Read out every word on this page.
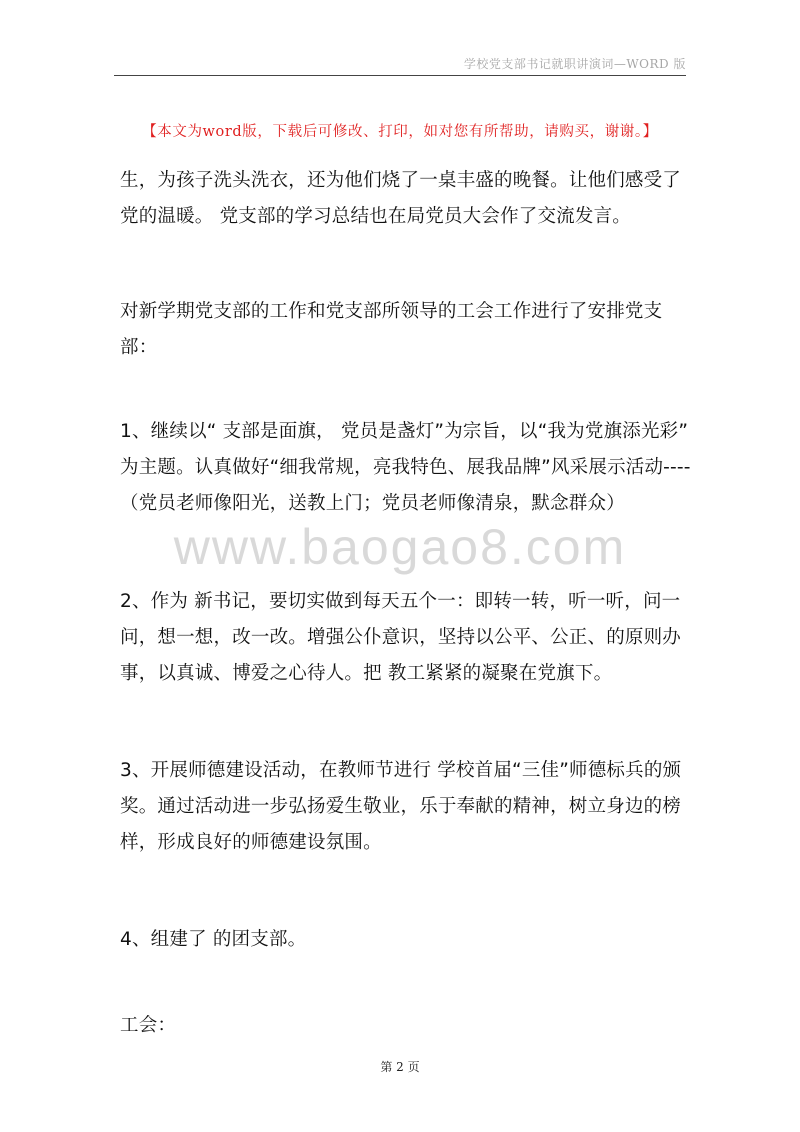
学校党支部书记就职讲演词—WORD 版
【本文为word版，下载后可修改、打印，如对您有所帮助，请购买，谢谢。】
www.baogao8.com
生，为孩子洗头洗衣，还为他们烧了一桌丰盛的晚餐。让他们感受了
党的温暖。 党支部的学习总结也在局党员大会作了交流发言。
对新学期党支部的工作和党支部所领导的工会工作进行了安排党支
部：
1、继续以“ 支部是面旗， 党员是盏灯”为宗旨，以“我为党旗添光彩”
为主题。认真做好“细我常规，亮我特色、展我品牌”风采展示活动----
（党员老师像阳光，送教上门；党员老师像清泉，默念群众）
2、作为 新书记，要切实做到每天五个一：即转一转，听一听，问一
问，想一想，改一改。增强公仆意识，坚持以公平、公正、的原则办
事，以真诚、博爱之心待人。把 教工紧紧的凝聚在党旗下。
3、开展师德建设活动，在教师节进行 学校首届“三佳”师德标兵的颁
奖。通过活动进一步弘扬爱生敬业，乐于奉献的精神，树立身边的榜
样，形成良好的师德建设氛围。
4、组建了 的团支部。
工会：
第 2 页
